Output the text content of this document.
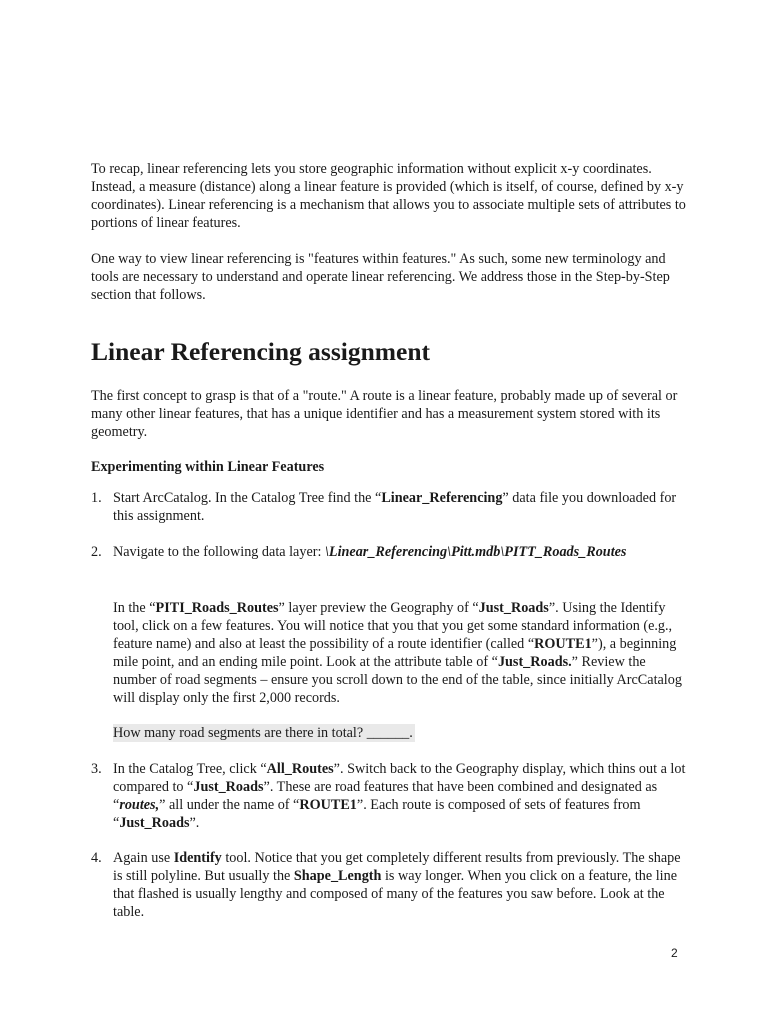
To recap, linear referencing lets you store geographic information without explicit x-y coordinates. Instead, a measure (distance) along a linear feature is provided (which is itself, of course, defined by x-y coordinates). Linear referencing is a mechanism that allows you to associate multiple sets of attributes to portions of linear features.

One way to view linear referencing is "features within features." As such, some new terminology and tools are necessary to understand and operate linear referencing. We address those in the Step-by-Step section that follows.

Linear Referencing assignment

The first concept to grasp is that of a "route." A route is a linear feature, probably made up of several or many other linear features, that has a unique identifier and has a measurement system stored with its geometry.

Experimenting within Linear Features

1. Start ArcCatalog. In the Catalog Tree find the “Linear_Referencing” data file you downloaded for this assignment.
2. Navigate to the following data layer: \Linear_Referencing\Pitt.mdb\PITT_Roads_Routes

In the “PITI_Roads_Routes” layer preview the Geography of “Just_Roads”. Using the Identify tool, click on a few features. You will notice that you that you get some standard information (e.g., feature name) and also at least the possibility of a route identifier (called “ROUTE1”), a beginning mile point, and an ending mile point. Look at the attribute table of “Just_Roads.” Review the number of road segments – ensure you scroll down to the end of the table, since initially ArcCatalog will display only the first 2,000 records.

How many road segments are there in total? ______.

3. In the Catalog Tree, click “All_Routes”. Switch back to the Geography display, which thins out a lot compared to “Just_Roads”. These are road features that have been combined and designated as “routes,” all under the name of “ROUTE1”. Each route is composed of sets of features from “Just_Roads”.
4. Again use Identify tool. Notice that you get completely different results from previously. The shape is still polyline. But usually the Shape_Length is way longer. When you click on a feature, the line that flashed is usually lengthy and composed of many of the features you saw before. Look at the table.
2
